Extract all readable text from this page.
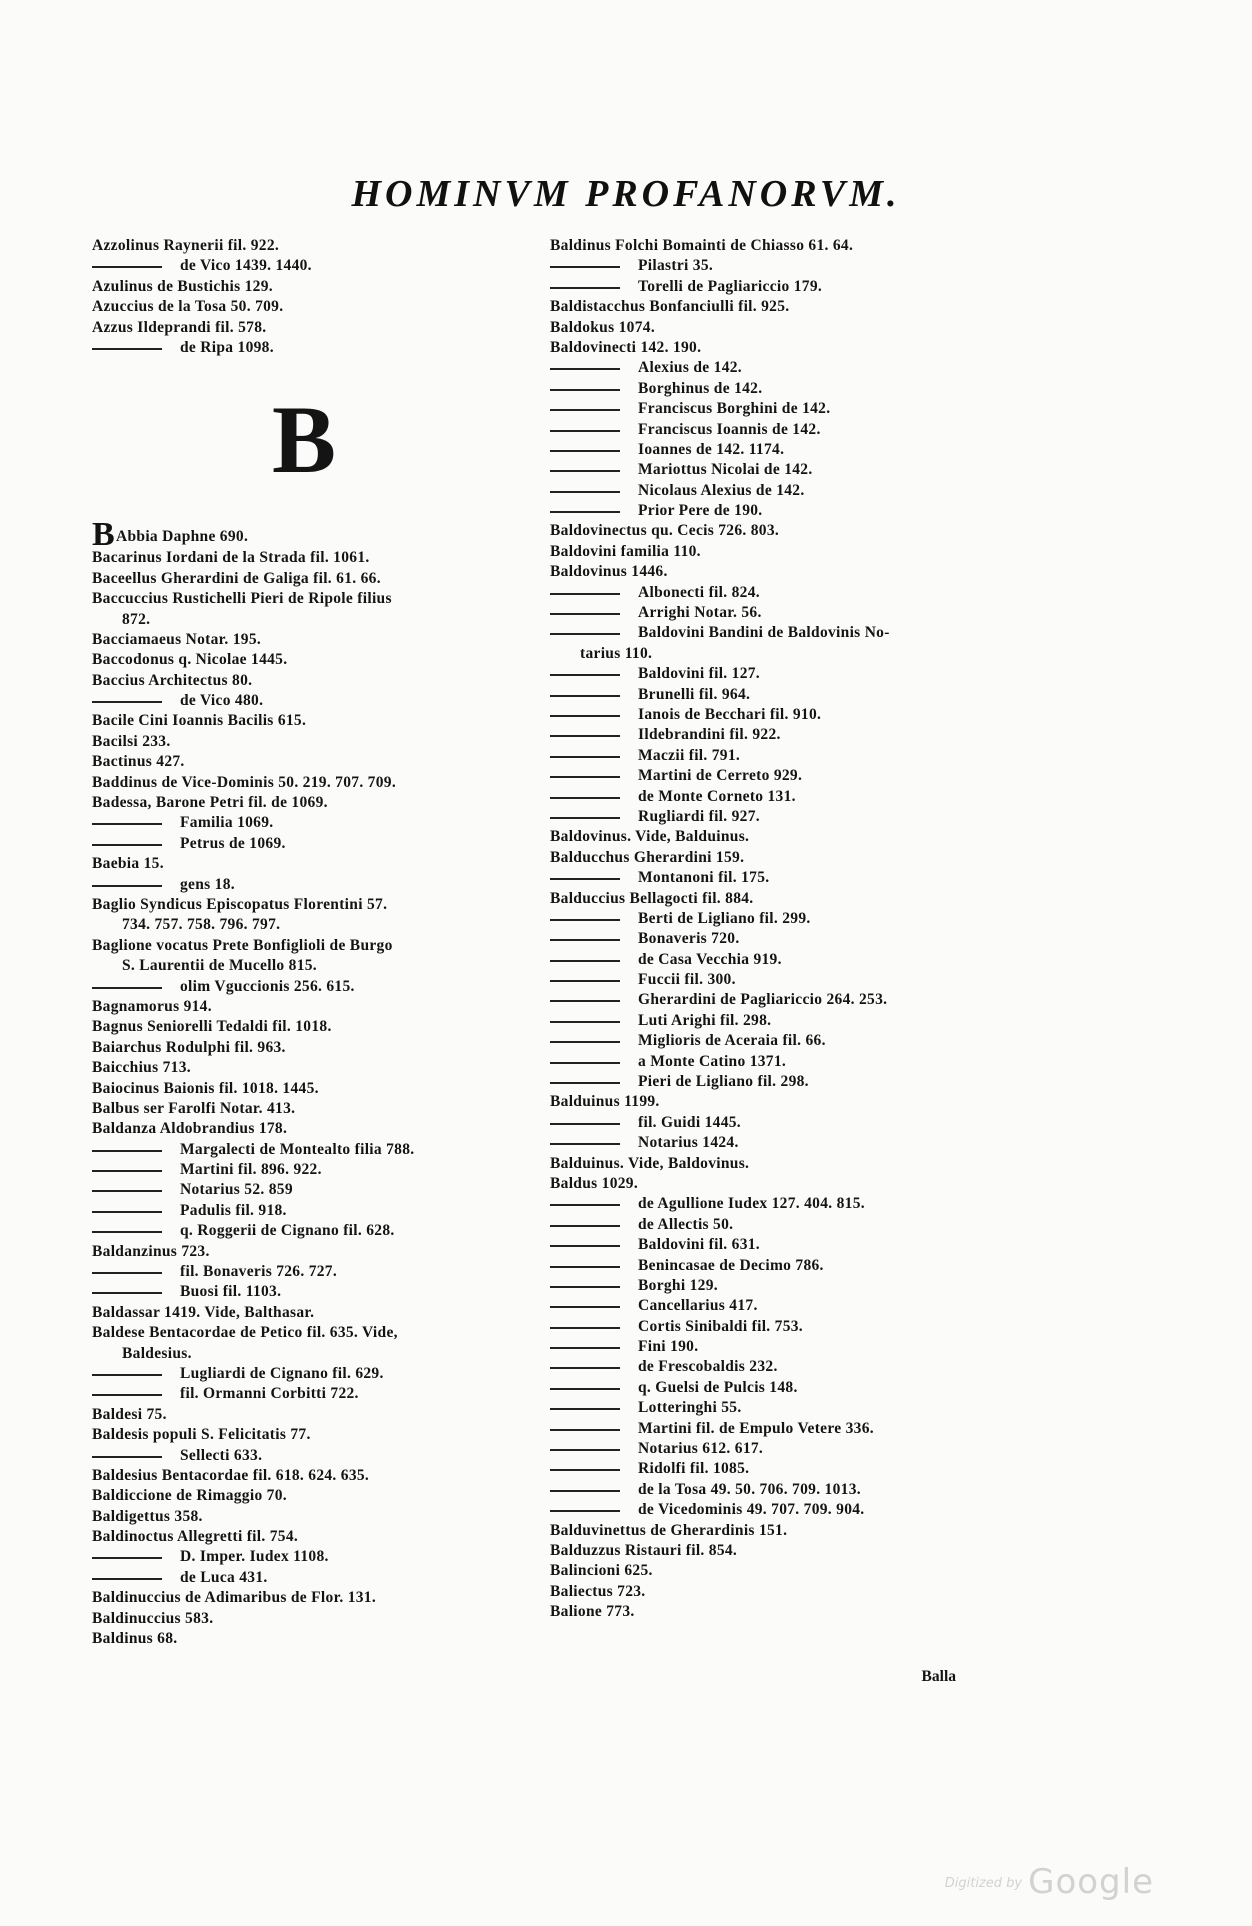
HOMINVM PROFANORVM.
Azzolinus Raynerii fil. 922.
de Vico 1439. 1440.
Azulinus de Bustichis 129.
Azuccius de la Tosa 50. 709.
Azzus Ildeprandi fil. 578.
de Ripa 1098.
B
BAbbia Daphne 690.
Bacarinus Iordani de la Strada fil. 1061.
Baceellus Gherardini de Galiga fil. 61. 66.
Baccuccius Rustichelli Pieri de Ripole filius
872.
Bacciamaeus Notar. 195.
Baccodonus q. Nicolae 1445.
Baccius Architectus 80.
de Vico 480.
Bacile Cini Ioannis Bacilis 615.
Bacilsi 233.
Bactinus 427.
Baddinus de Vice-Dominis 50. 219. 707. 709.
Badessa, Barone Petri fil. de 1069.
Familia 1069.
Petrus de 1069.
Baebia 15.
gens 18.
Baglio Syndicus Episcopatus Florentini 57.
734. 757. 758. 796. 797.
Baglione vocatus Prete Bonfiglioli de Burgo
S. Laurentii de Mucello 815.
olim Vguccionis 256. 615.
Bagnamorus 914.
Bagnus Seniorelli Tedaldi fil. 1018.
Baiarchus Rodulphi fil. 963.
Baicchius 713.
Baiocinus Baionis fil. 1018. 1445.
Balbus ser Farolfi Notar. 413.
Baldanza Aldobrandius 178.
Margalecti de Montealto filia 788.
Martini fil. 896. 922.
Notarius 52. 859
Padulis fil. 918.
q. Roggerii de Cignano fil. 628.
Baldanzinus 723.
fil. Bonaveris 726. 727.
Buosi fil. 1103.
Baldassar 1419. Vide, Balthasar.
Baldese Bentacordae de Petico fil. 635. Vide,
Baldesius.
Lugliardi de Cignano fil. 629.
fil. Ormanni Corbitti 722.
Baldesi 75.
Baldesis populi S. Felicitatis 77.
Sellecti 633.
Baldesius Bentacordae fil. 618. 624. 635.
Baldiccione de Rimaggio 70.
Baldigettus 358.
Baldinoctus Allegretti fil. 754.
D. Imper. Iudex 1108.
de Luca 431.
Baldinuccius de Adimaribus de Flor. 131.
Baldinuccius 583.
Baldinus 68.
Baldinus Folchi Bomainti de Chiasso 61. 64.
Pilastri 35.
Torelli de Pagliariccio 179.
Baldistacchus Bonfanciulli fil. 925.
Baldokus 1074.
Baldovinecti 142. 190.
Alexius de 142.
Borghinus de 142.
Franciscus Borghini de 142.
Franciscus Ioannis de 142.
Ioannes de 142. 1174.
Mariottus Nicolai de 142.
Nicolaus Alexius de 142.
Prior Pere de 190.
Baldovinectus qu. Cecis 726. 803.
Baldovini familia 110.
Baldovinus 1446.
Albonecti fil. 824.
Arrighi Notar. 56.
Baldovini Bandini de Baldovinis No-
tarius 110.
Baldovini fil. 127.
Brunelli fil. 964.
Ianois de Becchari fil. 910.
Ildebrandini fil. 922.
Maczii fil. 791.
Martini de Cerreto 929.
de Monte Corneto 131.
Rugliardi fil. 927.
Baldovinus. Vide, Balduinus.
Balducchus Gherardini 159.
Montanoni fil. 175.
Balduccius Bellagocti fil. 884.
Berti de Ligliano fil. 299.
Bonaveris 720.
de Casa Vecchia 919.
Fuccii fil. 300.
Gherardini de Pagliariccio 264. 253.
Luti Arighi fil. 298.
Miglioris de Aceraia fil. 66.
a Monte Catino 1371.
Pieri de Ligliano fil. 298.
Balduinus 1199.
fil. Guidi 1445.
Notarius 1424.
Balduinus. Vide, Baldovinus.
Baldus 1029.
de Agullione Iudex 127. 404. 815.
de Allectis 50.
Baldovini fil. 631.
Benincasae de Decimo 786.
Borghi 129.
Cancellarius 417.
Cortis Sinibaldi fil. 753.
Fini 190.
de Frescobaldis 232.
q. Guelsi de Pulcis 148.
Lotteringhi 55.
Martini fil. de Empulo Vetere 336.
Notarius 612. 617.
Ridolfi fil. 1085.
de la Tosa 49. 50. 706. 709. 1013.
de Vicedominis 49. 707. 709. 904.
Balduvinettus de Gherardinis 151.
Balduzzus Ristauri fil. 854.
Balincioni 625.
Baliectus 723.
Balione 773.
Balla
$^{Digitized by}$ Google
